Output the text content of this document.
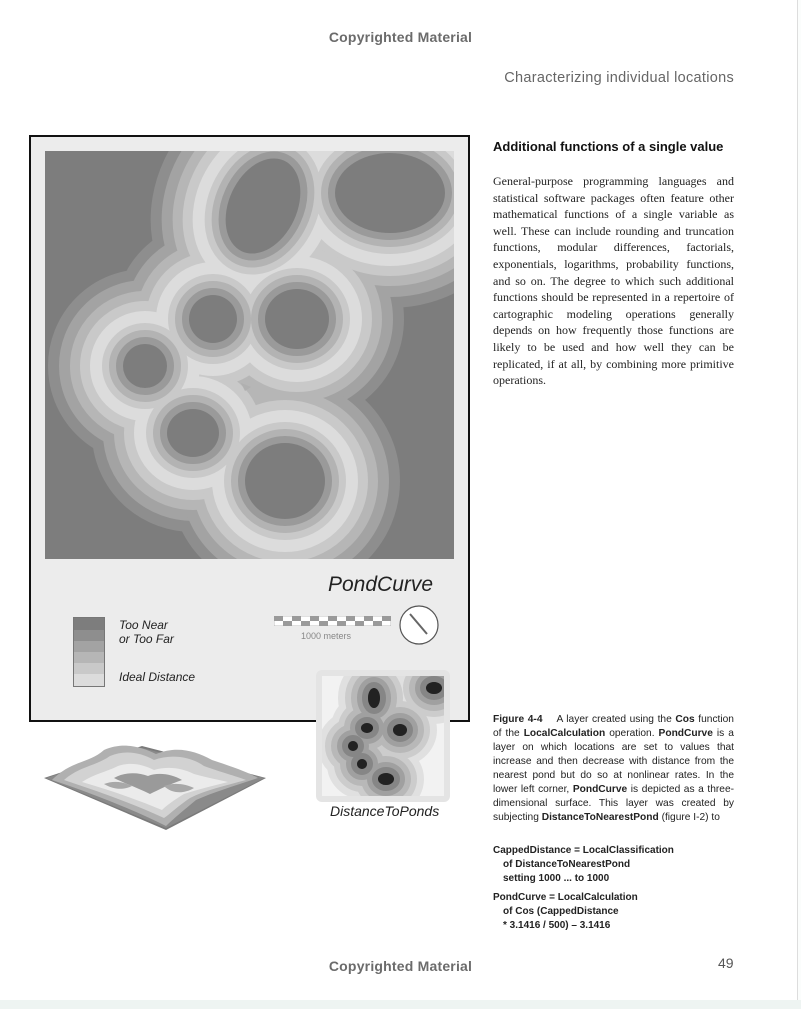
Copyrighted Material
Characterizing individual locations
PondCurve
Too Near
or Too Far
Ideal Distance
1000 meters
DistanceToPonds
Additional functions of a single value
General-purpose programming languages and statistical software packages often feature other mathematical functions of a single variable as well. These can include rounding and truncation functions, modular differences, factorials, exponentials, logarithms, probability functions, and so on. The degree to which such additional functions should be represented in a repertoire of cartographic modeling operations generally depends on how frequently those functions are likely to be used and how well they can be replicated, if at all, by combining more primitive operations.
Figure 4-4 A layer created using the Cos function of the LocalCalculation operation. PondCurve is a layer on which locations are set to values that increase and then decrease with distance from the nearest pond but do so at nonlinear rates. In the lower left corner, PondCurve is depicted as a three-dimensional surface. This layer was created by subjecting DistanceToNearestPond (figure I-2) to
CappedDistance = LocalClassification
of DistanceToNearestPond
setting 1000 ... to 1000
PondCurve = LocalCalculation
of Cos (CappedDistance
* 3.1416 / 500) – 3.1416
Copyrighted Material	49
